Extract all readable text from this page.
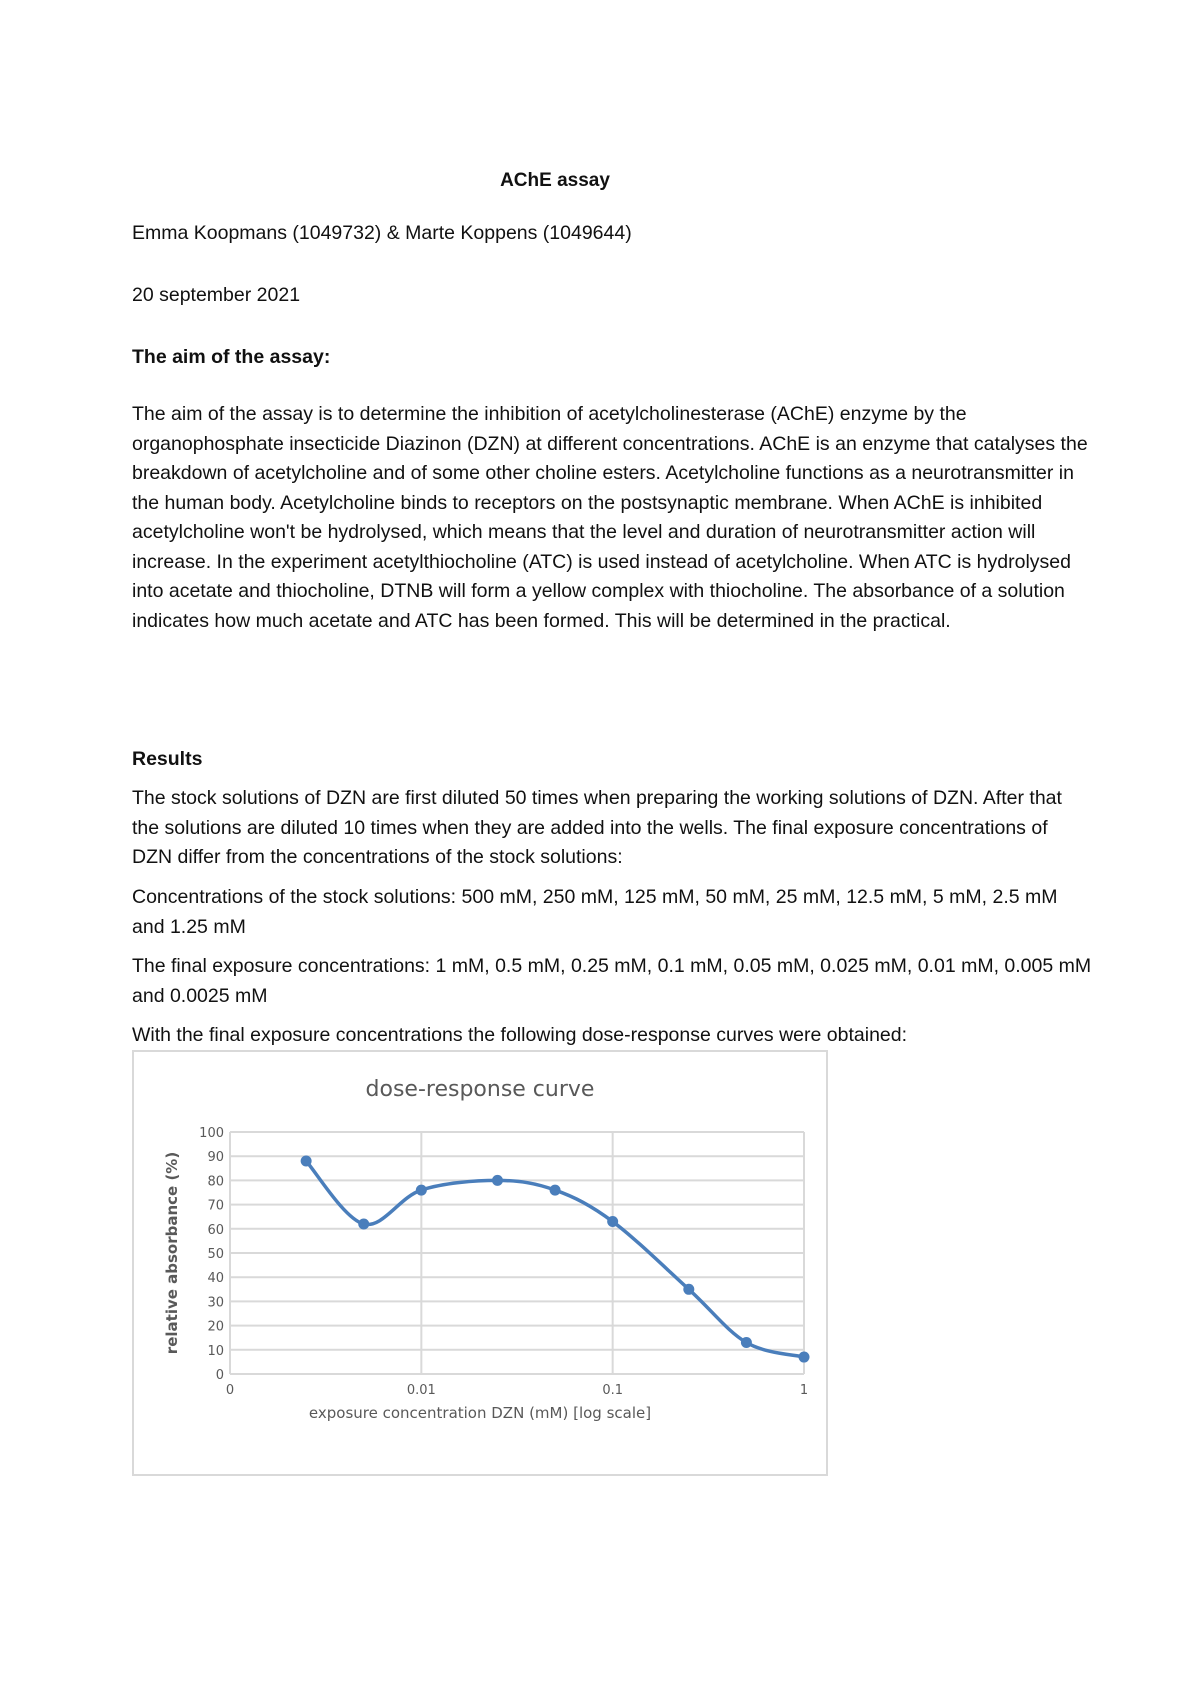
AChE assay
Emma Koopmans (1049732) & Marte Koppens (1049644)
20 september 2021
The aim of the assay:

The aim of the assay is to determine the inhibition of acetylcholinesterase (AChE) enzyme by the organophosphate insecticide Diazinon (DZN) at different concentrations. AChE is an enzyme that catalyses the breakdown of acetylcholine and of some other choline esters. Acetylcholine functions as a neurotransmitter in the human body. Acetylcholine binds to receptors on the postsynaptic membrane. When AChE is inhibited acetylcholine won't be hydrolysed, which means that the level and duration of neurotransmitter action will increase. In the experiment acetylthiocholine (ATC) is used instead of acetylcholine. When ATC is hydrolysed into acetate and thiocholine, DTNB will form a yellow complex with thiocholine. The absorbance of a solution indicates how much acetate and ATC has been formed. This will be determined in the practical.

Results

The stock solutions of DZN are first diluted 50 times when preparing the working solutions of DZN. After that the solutions are diluted 10 times when they are added into the wells. The final exposure concentrations of DZN differ from the concentrations of the stock solutions:

Concentrations of the stock solutions: 500 mM, 250 mM, 125 mM, 50 mM, 25 mM, 12.5 mM, 5 mM, 2.5 mM and 1.25 mM

The final exposure concentrations: 1 mM, 0.5 mM, 0.25 mM, 0.1 mM, 0.05 mM, 0.025 mM, 0.01 mM, 0.005 mM and 0.0025 mM

With the final exposure concentrations the following dose-response curves were obtained:

dose-response curve
0
10
20
30
40
50
60
70
80
90
100
0	0.01	0.1	1
exposure concentration DZN (mM) [log scale]
relative absorbance (%)
